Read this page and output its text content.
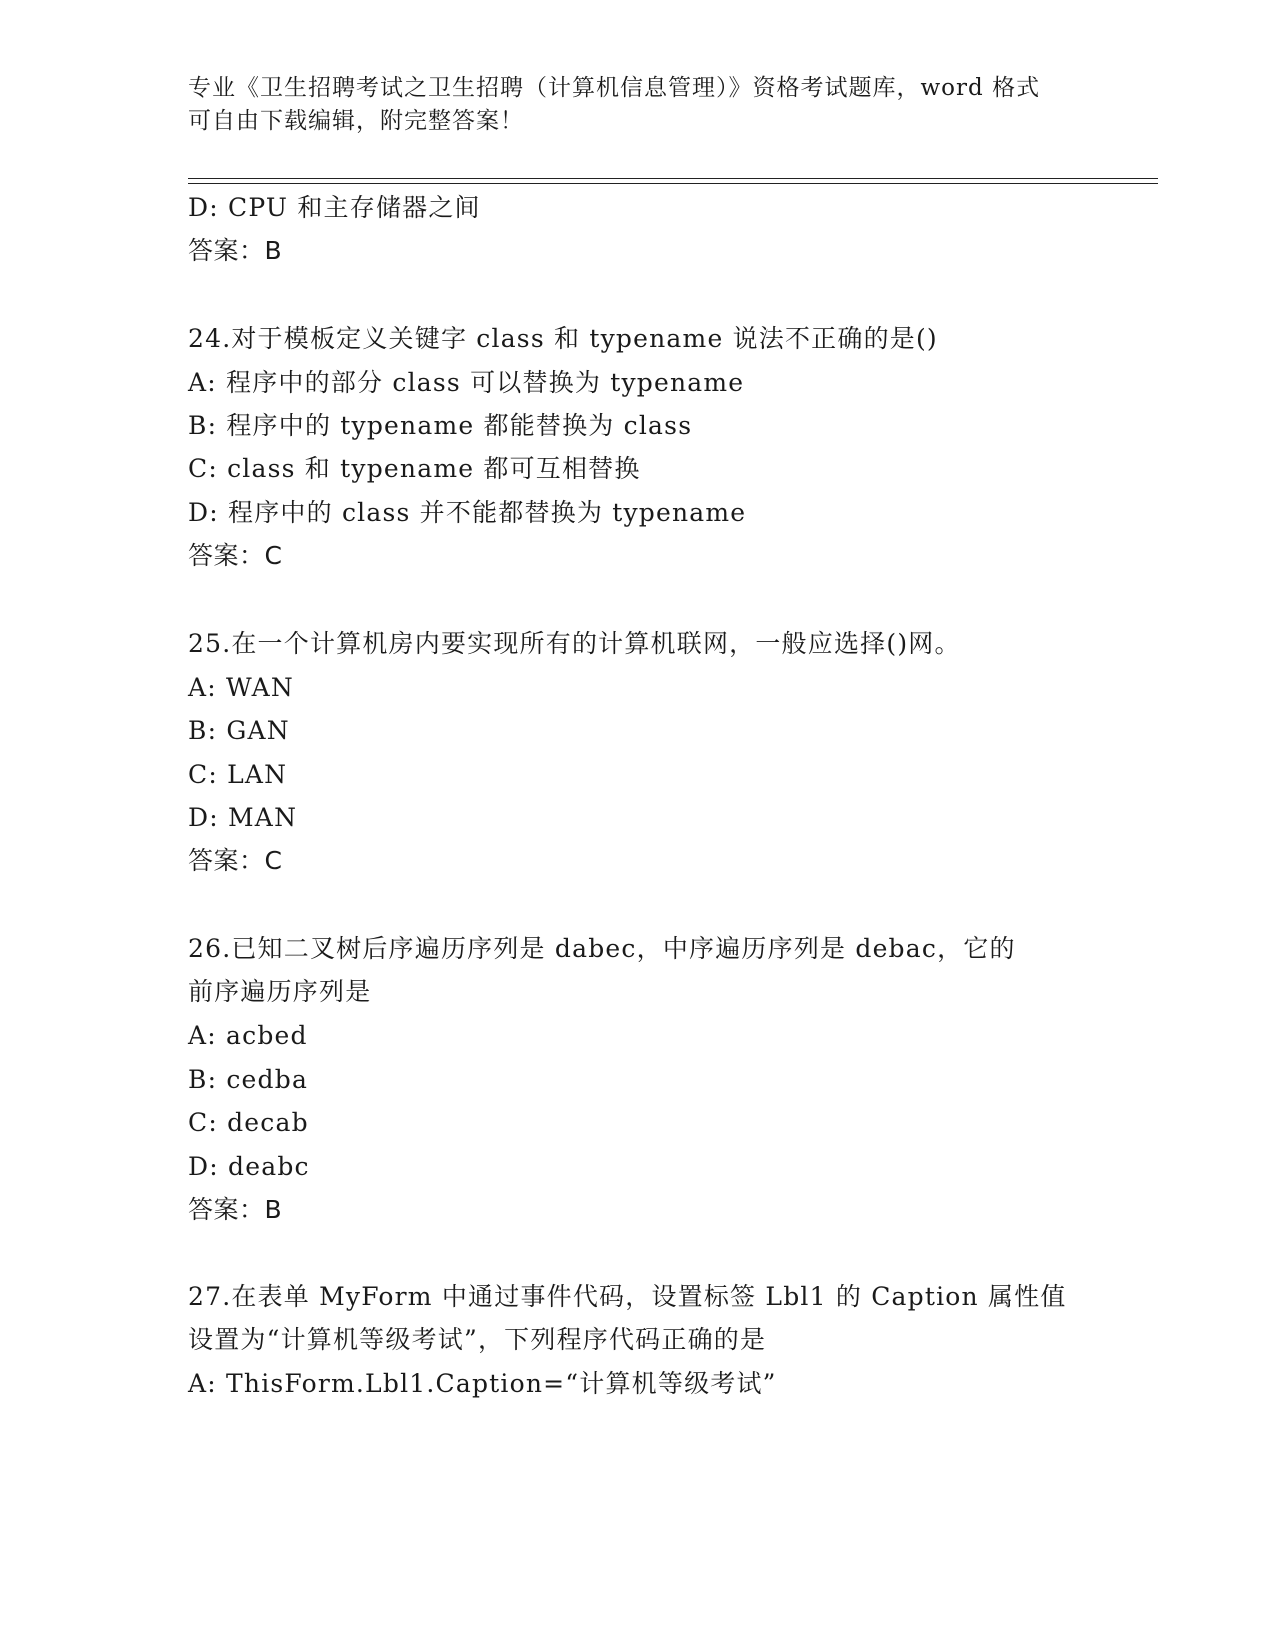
专业《卫生招聘考试之卫生招聘（计算机信息管理）》资格考试题库，word 格式
可自由下载编辑，附完整答案！
D: CPU 和主存储器之间
答案：B
24.对于模板定义关键字 class 和 typename 说法不正确的是()
A: 程序中的部分 class 可以替换为 typename
B: 程序中的 typename 都能替换为 class
C: class 和 typename 都可互相替换
D: 程序中的 class 并不能都替换为 typename
答案：C
25.在一个计算机房内要实现所有的计算机联网，一般应选择()网。
A: WAN
B: GAN
C: LAN
D: MAN
答案：C
26.已知二叉树后序遍历序列是 dabec，中序遍历序列是 debac，它的
前序遍历序列是
A: acbed
B: cedba
C: decab
D: deabc
答案：B
27.在表单 MyForm 中通过事件代码，设置标签 Lbl1 的 Caption 属性值
设置为“计算机等级考试”，下列程序代码正确的是
A: ThisForm.Lbl1.Caption=“计算机等级考试”
